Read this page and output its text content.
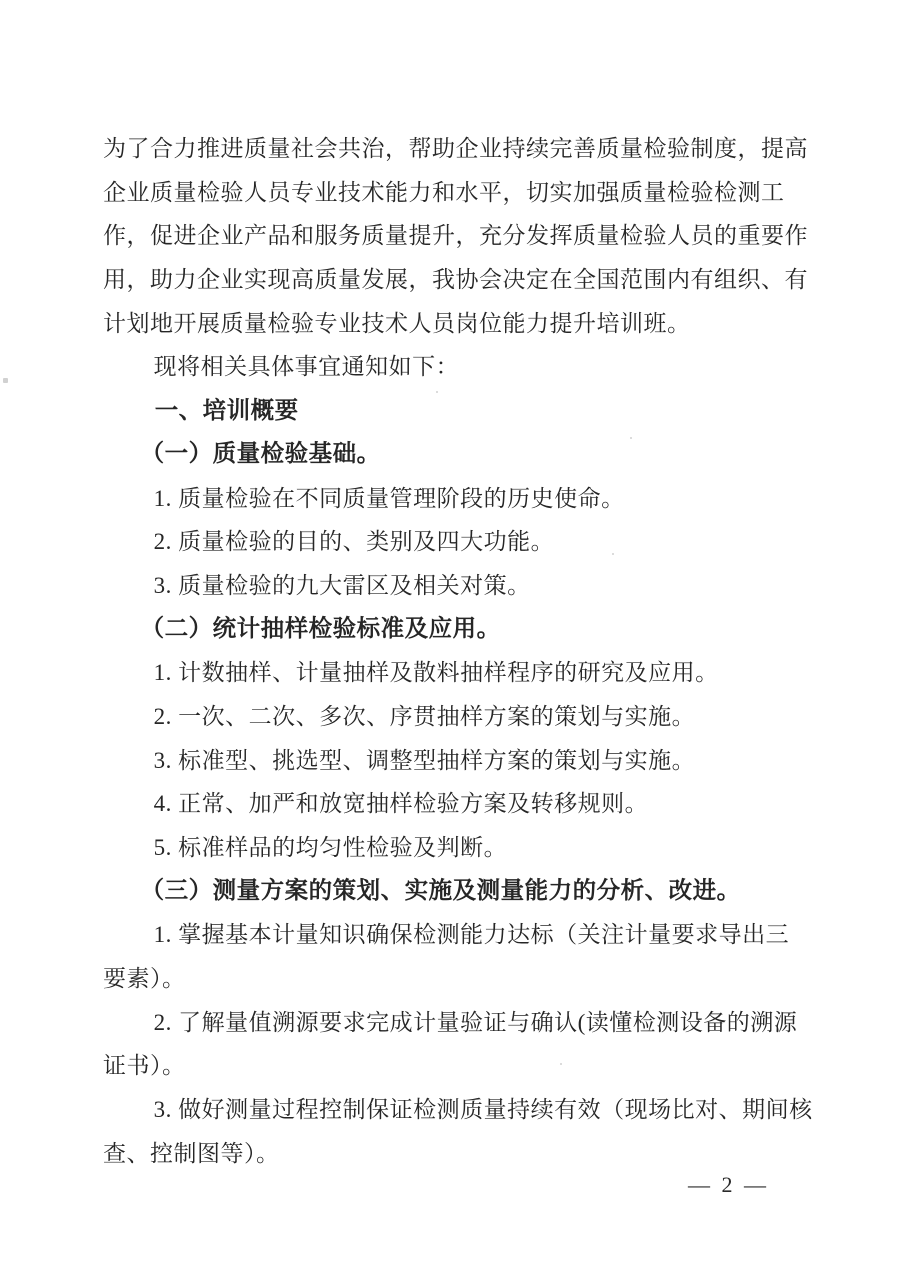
为了合力推进质量社会共治，帮助企业持续完善质量检验制度，提高
企业质量检验人员专业技术能力和水平，切实加强质量检验检测工
作，促进企业产品和服务质量提升，充分发挥质量检验人员的重要作
用，助力企业实现高质量发展，我协会决定在全国范围内有组织、有
计划地开展质量检验专业技术人员岗位能力提升培训班。
现将相关具体事宜通知如下：
一、培训概要
（一）质量检验基础。
1. 质量检验在不同质量管理阶段的历史使命。
2. 质量检验的目的、类别及四大功能。
3. 质量检验的九大雷区及相关对策。
（二）统计抽样检验标准及应用。
1. 计数抽样、计量抽样及散料抽样程序的研究及应用。
2. 一次、二次、多次、序贯抽样方案的策划与实施。
3. 标准型、挑选型、调整型抽样方案的策划与实施。
4. 正常、加严和放宽抽样检验方案及转移规则。
5. 标准样品的均匀性检验及判断。
（三）测量方案的策划、实施及测量能力的分析、改进。
1. 掌握基本计量知识确保检测能力达标（关注计量要求导出三
要素）。
2. 了解量值溯源要求完成计量验证与确认(读懂检测设备的溯源
证书）。
3. 做好测量过程控制保证检测质量持续有效（现场比对、期间核
查、控制图等）。
— 2 —
